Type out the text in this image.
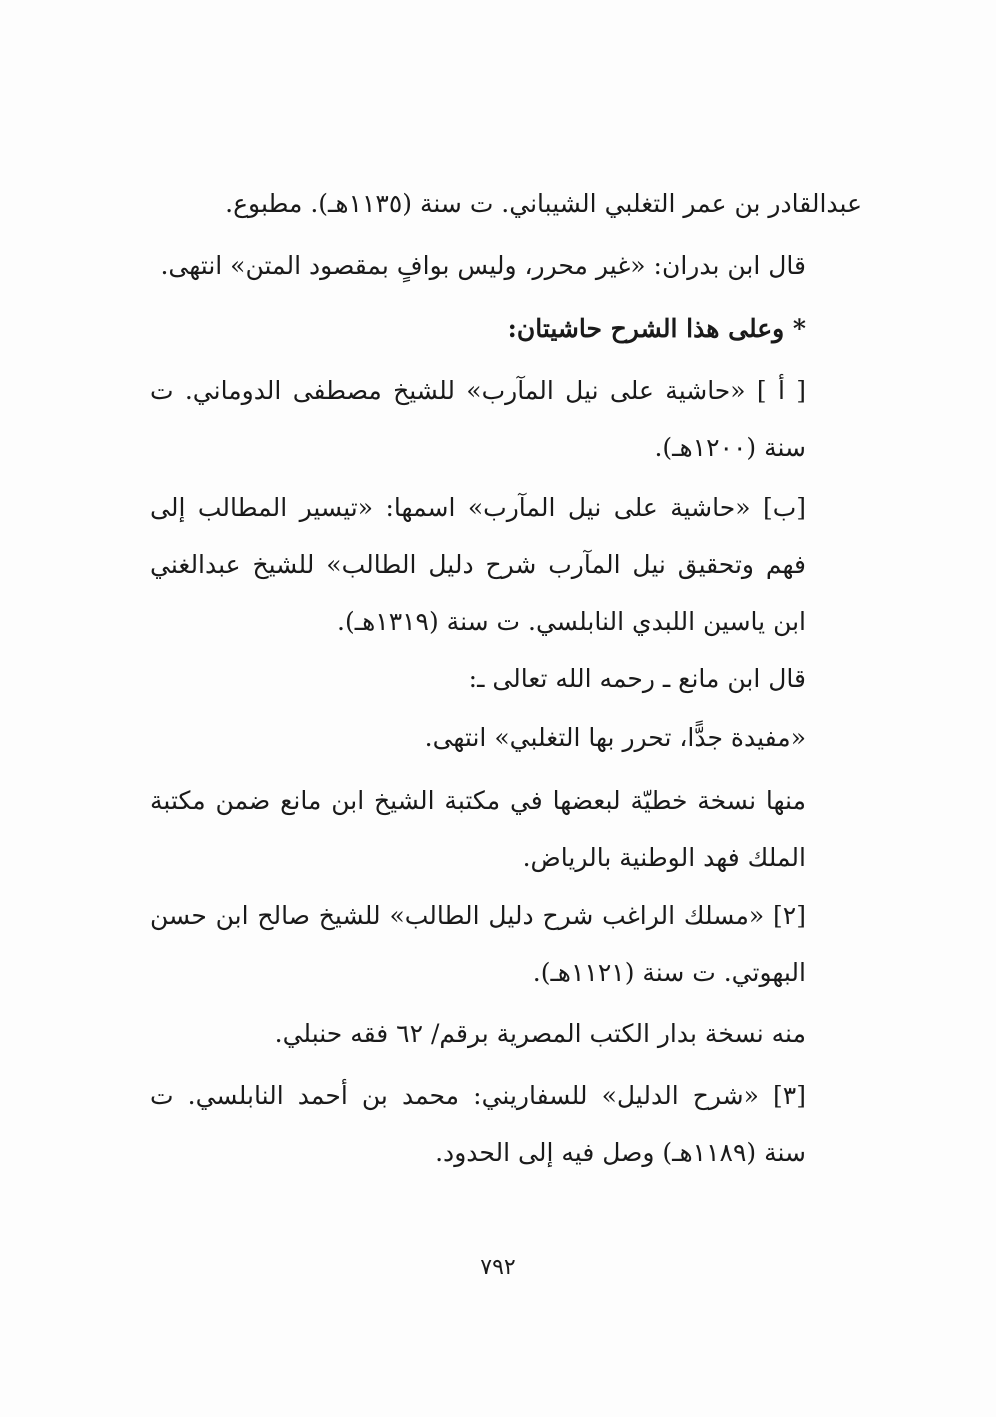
عبدالقادر بن عمر التغلبي الشيباني. ت سنة (١١٣٥هـ). مطبوع.

قال ابن بدران: «غير محرر، وليس بوافٍ بمقصود المتن» انتهى.

* وعلى هذا الشرح حاشيتان:

[ أ ] «حاشية على نيل المآرب» للشيخ مصطفى الدوماني. ت سنة (١٢٠٠هـ).

[ب] «حاشية على نيل المآرب» اسمها: «تيسير المطالب إلى فهم وتحقيق نيل المآرب شرح دليل الطالب» للشيخ عبدالغني ابن ياسين اللبدي النابلسي. ت سنة (١٣١٩هـ).

قال ابن مانع ـ رحمه الله تعالى ـ:

«مفيدة جدًّا، تحرر بها التغلبي» انتهى.

منها نسخة خطيّة لبعضها في مكتبة الشيخ ابن مانع ضمن مكتبة الملك فهد الوطنية بالرياض.

[٢] «مسلك الراغب شرح دليل الطالب» للشيخ صالح ابن حسن البهوتي. ت سنة (١١٢١هـ).

منه نسخة بدار الكتب المصرية برقم/ ٦٢ فقه حنبلي.

[٣] «شرح الدليل» للسفاريني: محمد بن أحمد النابلسي. ت سنة (١١٨٩هـ) وصل فيه إلى الحدود.

٧٩٢
